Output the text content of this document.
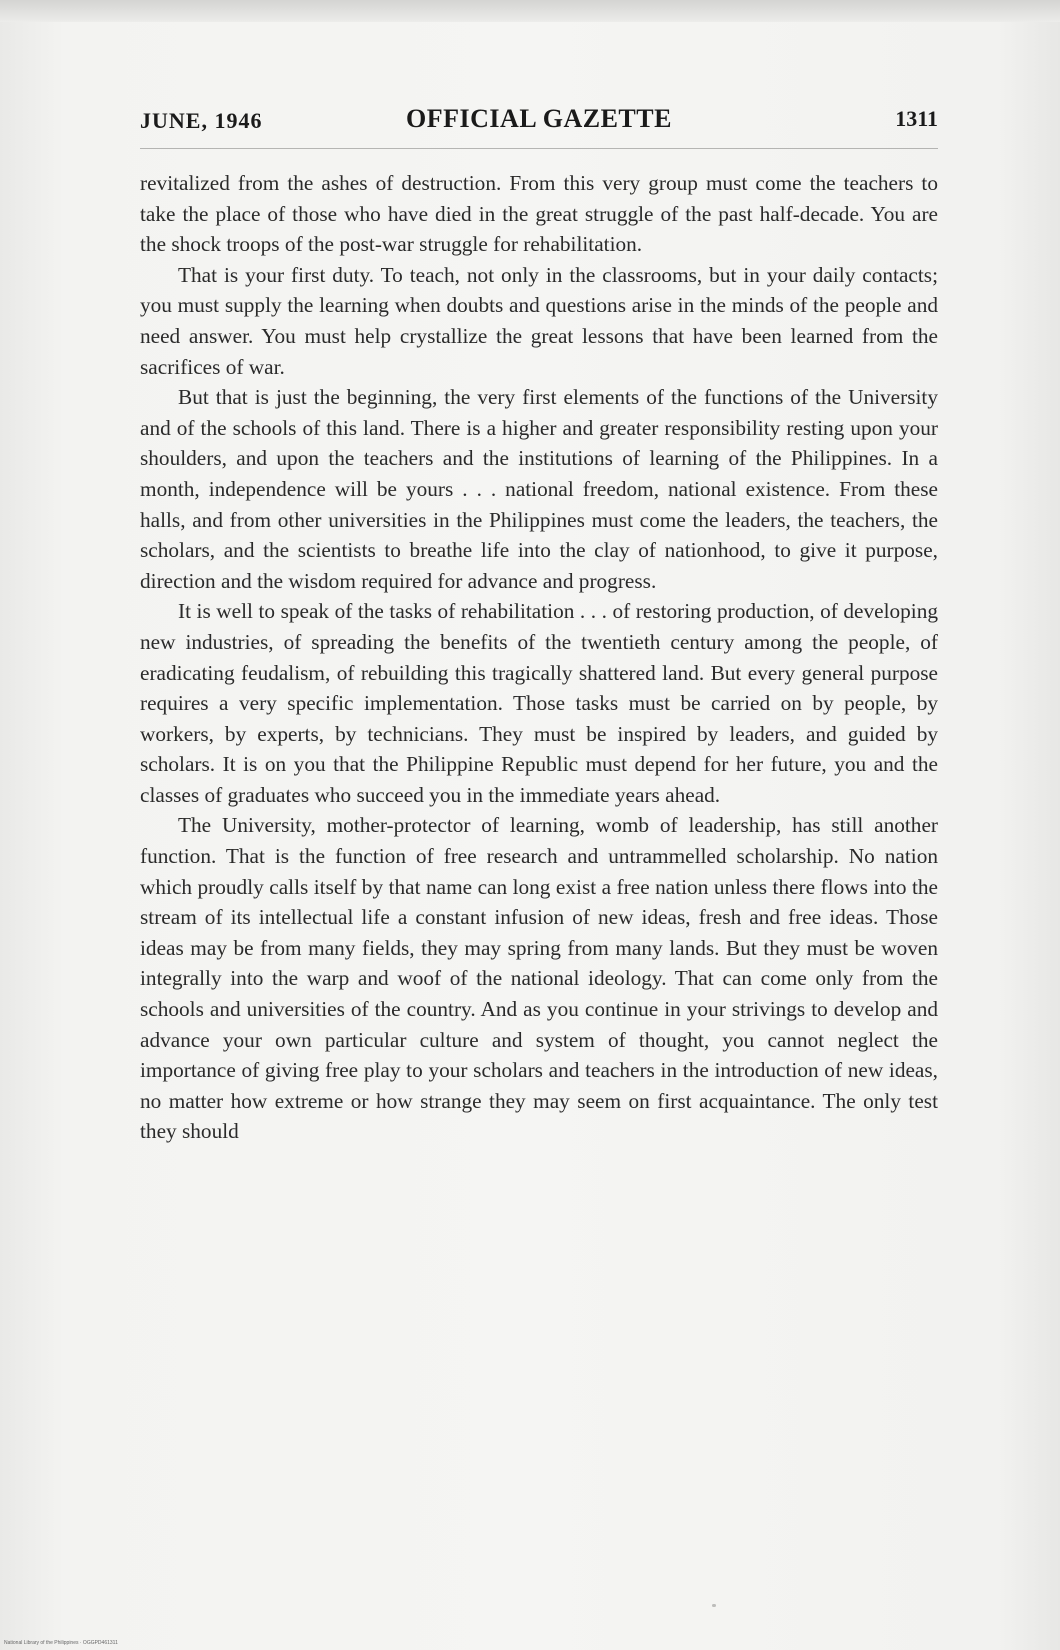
JUNE, 1946	OFFICIAL GAZETTE	1311

revitalized from the ashes of destruction. From this very group must come the teachers to take the place of those who have died in the great struggle of the past half-decade. You are the shock troops of the post-war struggle for rehabilitation.

That is your first duty. To teach, not only in the classrooms, but in your daily contacts; you must supply the learning when doubts and questions arise in the minds of the people and need answer. You must help crystallize the great lessons that have been learned from the sacrifices of war.

But that is just the beginning, the very first elements of the functions of the University and of the schools of this land. There is a higher and greater responsibility resting upon your shoulders, and upon the teachers and the institutions of learning of the Philippines. In a month, independence will be yours . . . national freedom, national existence. From these halls, and from other universities in the Philippines must come the leaders, the teachers, the scholars, and the scientists to breathe life into the clay of nationhood, to give it purpose, direction and the wisdom required for advance and progress.

It is well to speak of the tasks of rehabilitation . . . of restoring production, of developing new industries, of spreading the benefits of the twentieth century among the people, of eradicating feudalism, of rebuilding this tragically shattered land. But every general purpose requires a very specific implementation. Those tasks must be carried on by people, by workers, by experts, by technicians. They must be inspired by leaders, and guided by scholars. It is on you that the Philippine Republic must depend for her future, you and the classes of graduates who succeed you in the immediate years ahead.

The University, mother-protector of learning, womb of leadership, has still another function. That is the function of free research and untrammelled scholarship. No nation which proudly calls itself by that name can long exist a free nation unless there flows into the stream of its intellectual life a constant infusion of new ideas, fresh and free ideas. Those ideas may be from many fields, they may spring from many lands. But they must be woven integrally into the warp and woof of the national ideology. That can come only from the schools and universities of the country. And as you continue in your strivings to develop and advance your own particular culture and system of thought, you cannot neglect the importance of giving free play to your scholars and teachers in the introduction of new ideas, no matter how extreme or how strange they may seem on first acquaintance. The only test they should

National Library of the Philippines · OGGPD461311
